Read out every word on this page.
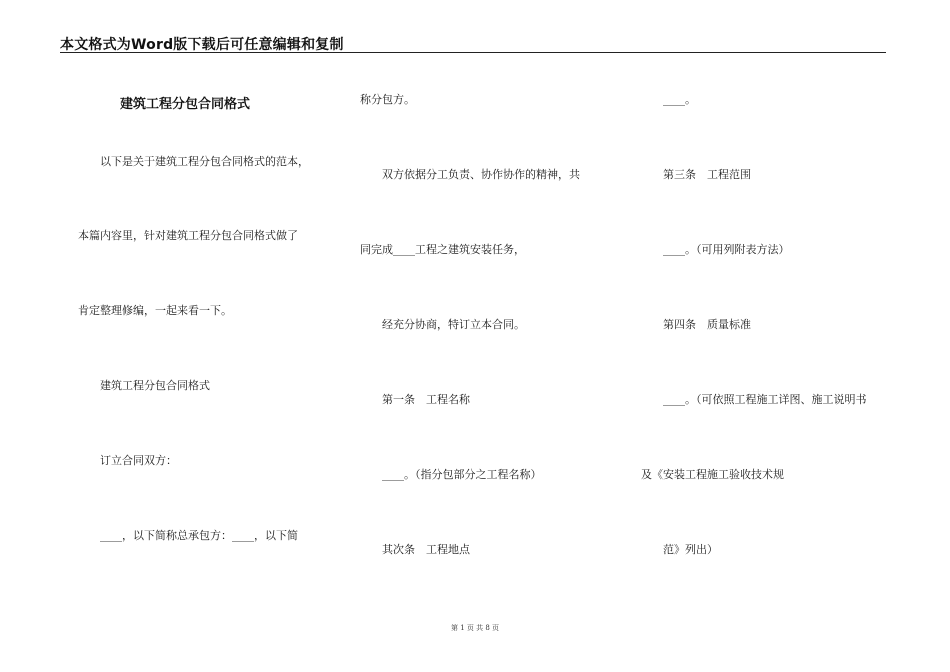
本文格式为Word版下载后可任意编辑和复制
建筑工程分包合同格式
以下是关于建筑工程分包合同格式的范本，
本篇内容里，针对建筑工程分包合同格式做了
肯定整理修编，一起来看一下。
建筑工程分包合同格式
订立合同双方：
____，以下简称总承包方：____，以下简
称分包方。
双方依据分工负责、协作协作的精神，共
同完成____工程之建筑安装任务，
经充分协商，特订立本合同。
第一条　工程名称
____。（指分包部分之工程名称）
其次条　工程地点
____。
第三条　工程范围
____。（可用列附表方法）
第四条　质量标准
____。（可依照工程施工详图、施工说明书
及《安装工程施工验收技术规
范》列出）
第 1 页 共 8 页
